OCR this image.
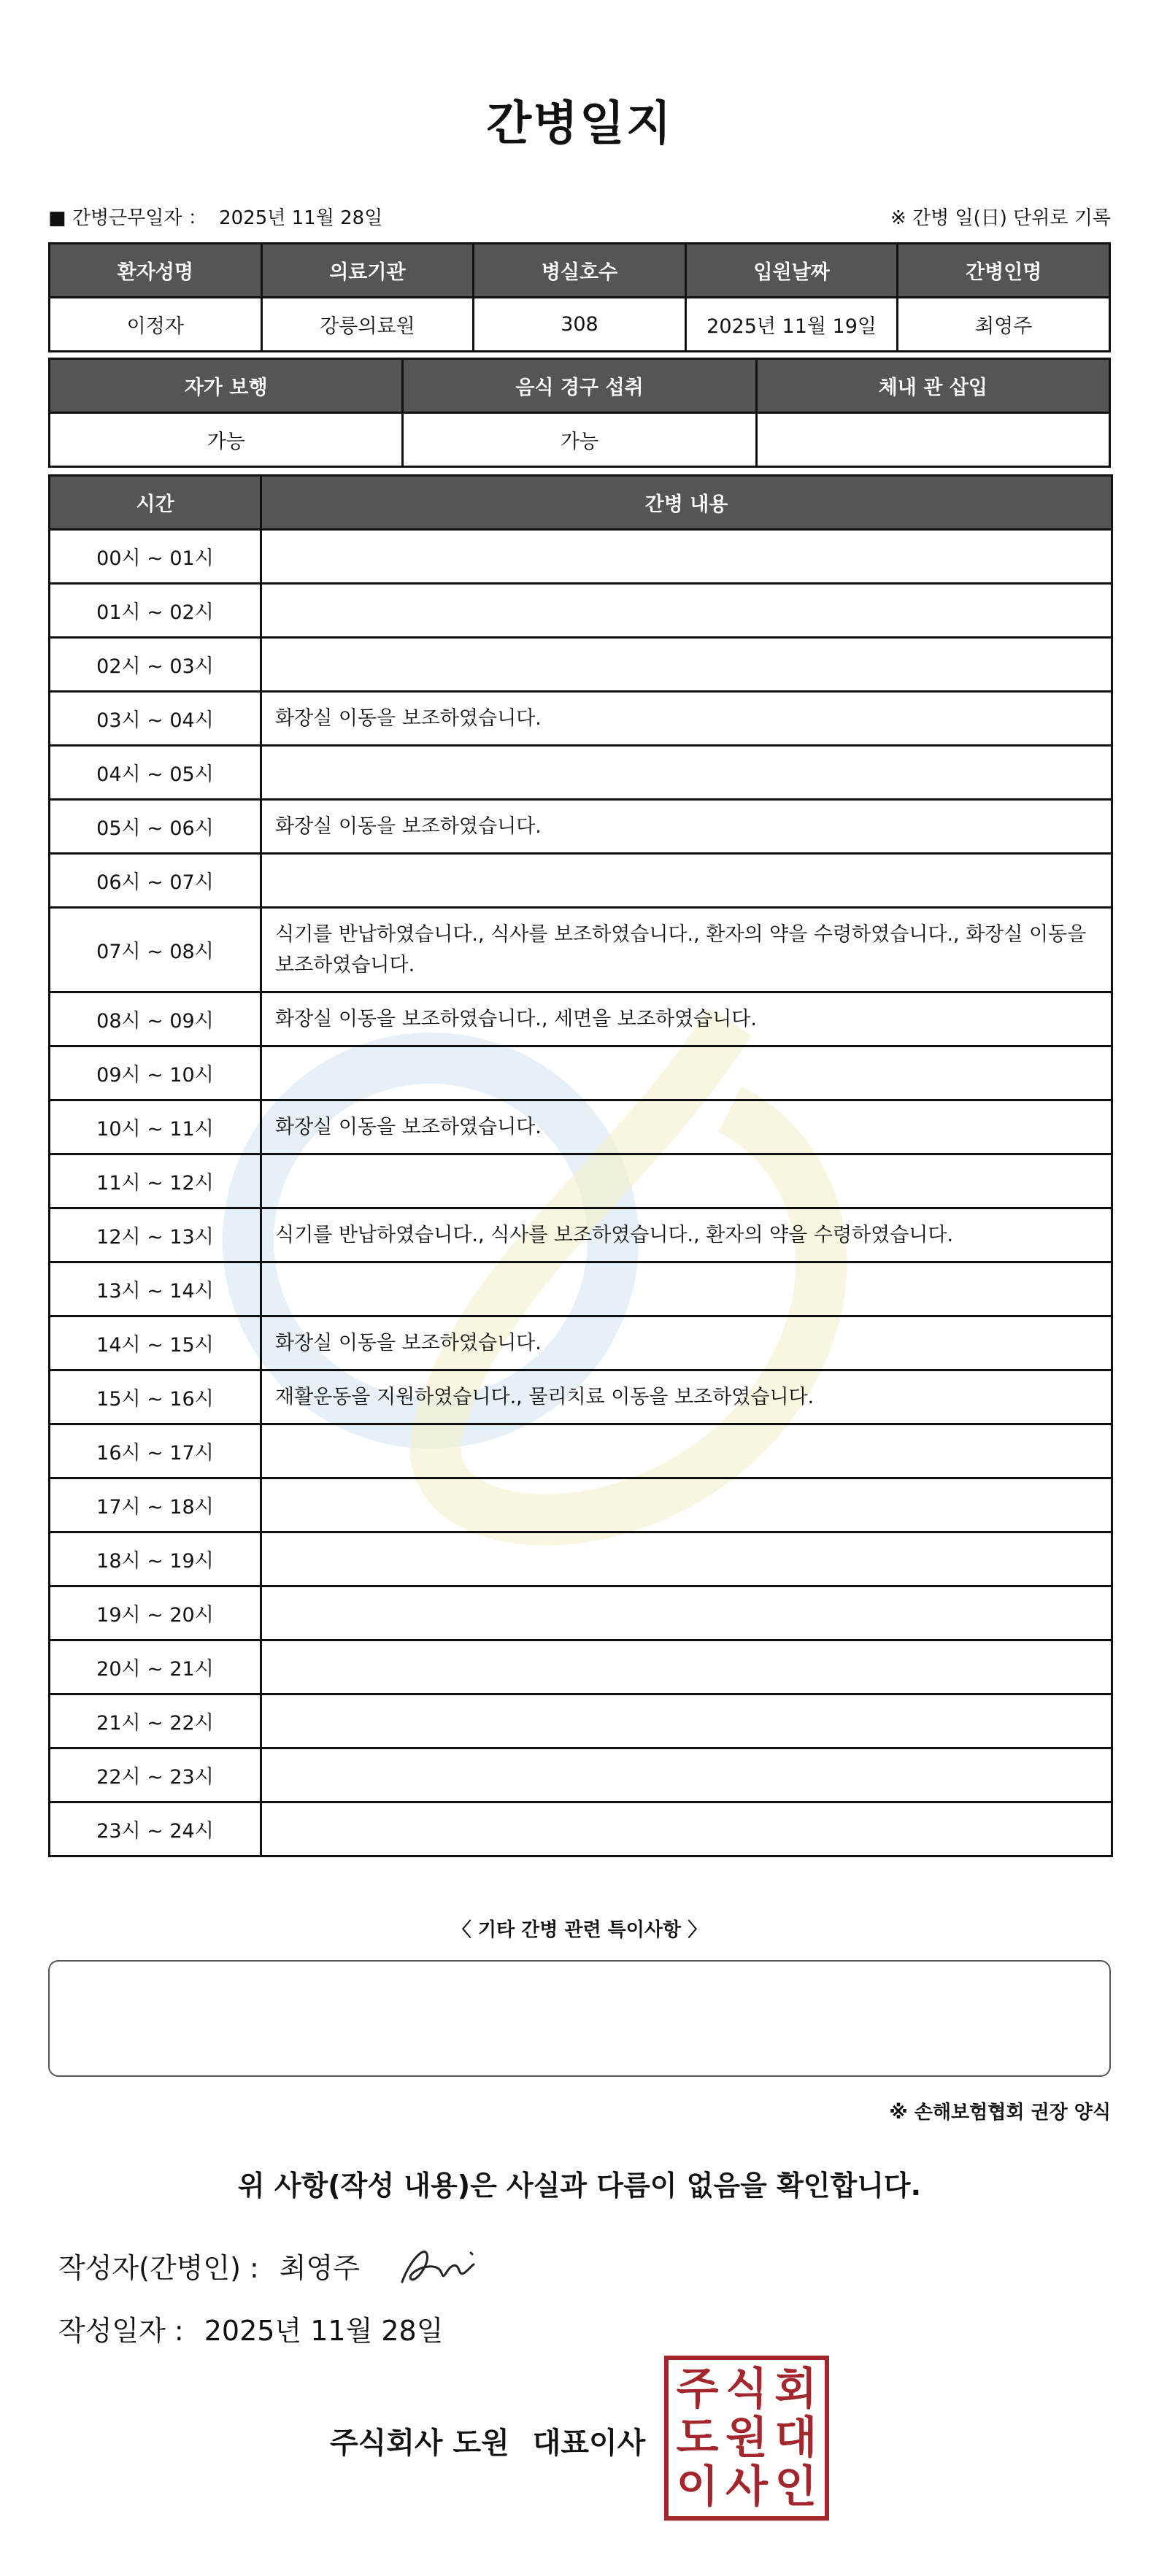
간병일지
■ 간병근무일자 ： 2025년 11월 28일	※ 간병 일(日) 단위로 기록
환자성명	의료기관	병실호수	입원날짜	간병인명
이정자	강릉의료원	308	2025년 11월 19일	최영주
자가 보행	음식 경구 섭취	체내 관 삽입
가능	가능	
시간	간병 내용
00시 ~ 01시	
01시 ~ 02시	
02시 ~ 03시	
03시 ~ 04시	화장실 이동을 보조하였습니다.
04시 ~ 05시	
05시 ~ 06시	화장실 이동을 보조하였습니다.
06시 ~ 07시	
07시 ~ 08시	식기를 반납하였습니다., 식사를 보조하였습니다., 환자의 약을 수령하였습니다., 화장실 이동을 보조하였습니다.
08시 ~ 09시	화장실 이동을 보조하였습니다., 세면을 보조하였습니다.
09시 ~ 10시	
10시 ~ 11시	화장실 이동을 보조하였습니다.
11시 ~ 12시	
12시 ~ 13시	식기를 반납하였습니다., 식사를 보조하였습니다., 환자의 약을 수령하였습니다.
13시 ~ 14시	
14시 ~ 15시	화장실 이동을 보조하였습니다.
15시 ~ 16시	재활운동을 지원하였습니다., 물리치료 이동을 보조하였습니다.
16시 ~ 17시	
17시 ~ 18시	
18시 ~ 19시	
19시 ~ 20시	
20시 ~ 21시	
21시 ~ 22시	
22시 ~ 23시	
23시 ~ 24시	
〈 기타 간병 관련 특이사항 〉
※ 손해보험협회 권장 양식
위 사항(작성 내용)은 사실과 다름이 없음을 확인합니다.
작성자(간병인) : 최영주
작성일자 : 2025년 11월 28일
주식회사 도원 대표이사
주 식 회
도 원 대
이 사 인
